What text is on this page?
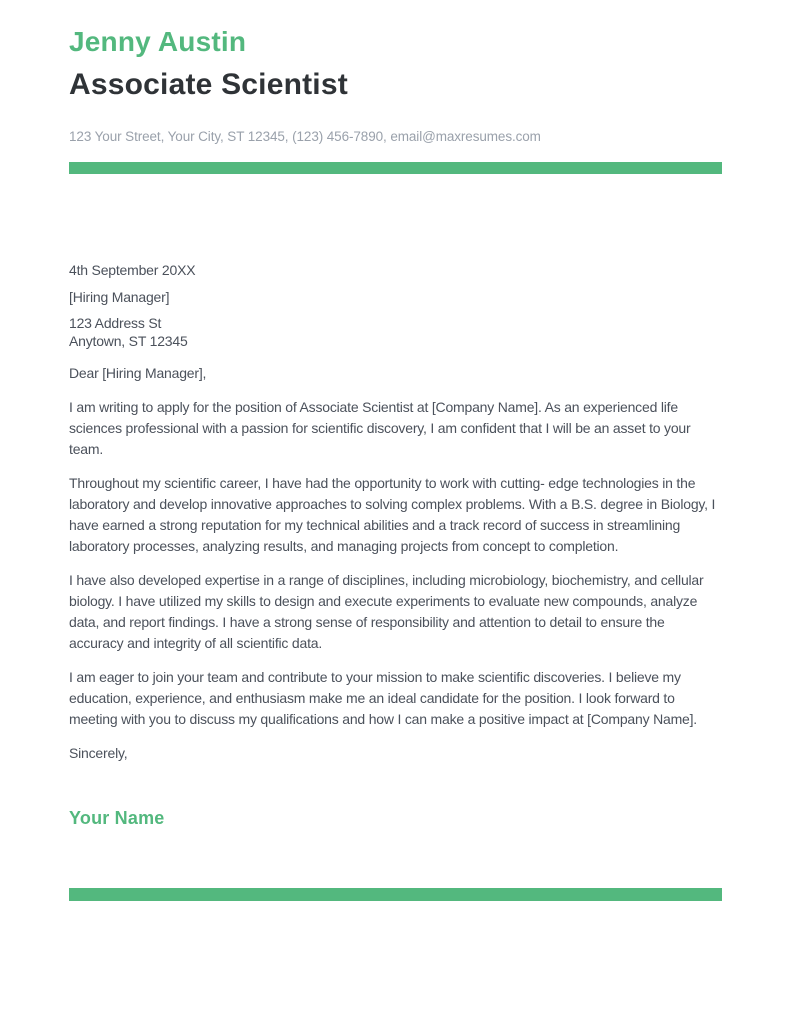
Jenny Austin
Associate Scientist
123 Your Street, Your City, ST 12345, (123) 456-7890, email@maxresumes.com

4th September 20XX

[Hiring Manager]

123 Address St
Anytown, ST 12345

Dear [Hiring Manager],

I am writing to apply for the position of Associate Scientist at [Company Name]. As an experienced life sciences professional with a passion for scientific discovery, I am confident that I will be an asset to your team.

Throughout my scientific career, I have had the opportunity to work with cutting- edge technologies in the laboratory and develop innovative approaches to solving complex problems. With a B.S. degree in Biology, I have earned a strong reputation for my technical abilities and a track record of success in streamlining laboratory processes, analyzing results, and managing projects from concept to completion.

I have also developed expertise in a range of disciplines, including microbiology, biochemistry, and cellular biology. I have utilized my skills to design and execute experiments to evaluate new compounds, analyze data, and report findings. I have a strong sense of responsibility and attention to detail to ensure the accuracy and integrity of all scientific data.

I am eager to join your team and contribute to your mission to make scientific discoveries. I believe my education, experience, and enthusiasm make me an ideal candidate for the position. I look forward to meeting with you to discuss my qualifications and how I can make a positive impact at [Company Name].

Sincerely,

Your Name
